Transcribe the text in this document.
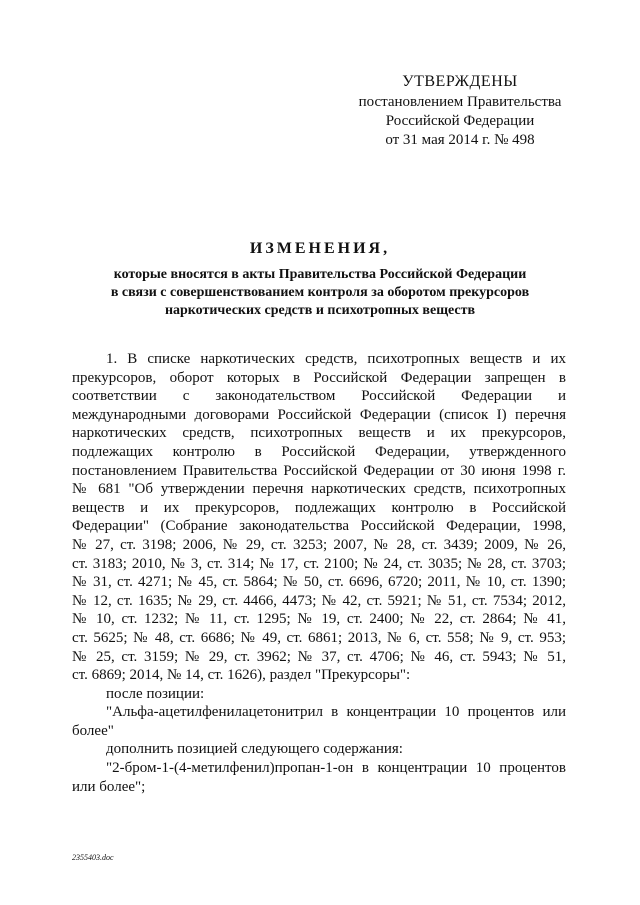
УТВЕРЖДЕНЫ
постановлением Правительства
Российской Федерации
от 31 мая 2014 г. № 498
ИЗМЕНЕНИЯ,
которые вносятся в акты Правительства Российской Федерации
в связи с совершенствованием контроля за оборотом прекурсоров
наркотических средств и психотропных веществ

1. В списке наркотических средств, психотропных веществ и их

прекурсоров, оборот которых в Российской Федерации запрещен в

соответствии с законодательством Российской Федерации и

международными договорами Российской Федерации (список I) перечня

наркотических средств, психотропных веществ и их прекурсоров,

подлежащих контролю в Российской Федерации, утвержденного

постановлением Правительства Российской Федерации от 30 июня 1998 г.

№ 681 "Об утверждении перечня наркотических средств, психотропных

веществ и их прекурсоров, подлежащих контролю в Российской

Федерации" (Собрание законодательства Российской Федерации, 1998,

№ 27, ст. 3198; 2006, № 29, ст. 3253; 2007, № 28, ст. 3439; 2009, № 26,

ст. 3183; 2010, № 3, ст. 314; № 17, ст. 2100; № 24, ст. 3035; № 28, ст. 3703;

№ 31, ст. 4271; № 45, ст. 5864; № 50, ст. 6696, 6720; 2011, № 10, ст. 1390;

№ 12, ст. 1635; № 29, ст. 4466, 4473; № 42, ст. 5921; № 51, ст. 7534; 2012,

№ 10, ст. 1232; № 11, ст. 1295; № 19, ст. 2400; № 22, ст. 2864; № 41,

ст. 5625; № 48, ст. 6686; № 49, ст. 6861; 2013, № 6, ст. 558; № 9, ст. 953;

№ 25, ст. 3159; № 29, ст. 3962; № 37, ст. 4706; № 46, ст. 5943; № 51,

ст. 6869; 2014, № 14, ст. 1626), раздел "Прекурсоры":

после позиции:

"Альфа-ацетилфенилацетонитрил в концентрации 10 процентов или

более"

дополнить позицией следующего содержания:

"2-бром-1-(4-метилфенил)пропан-1-он в концентрации 10 процентов

или более";

2355403.doc
